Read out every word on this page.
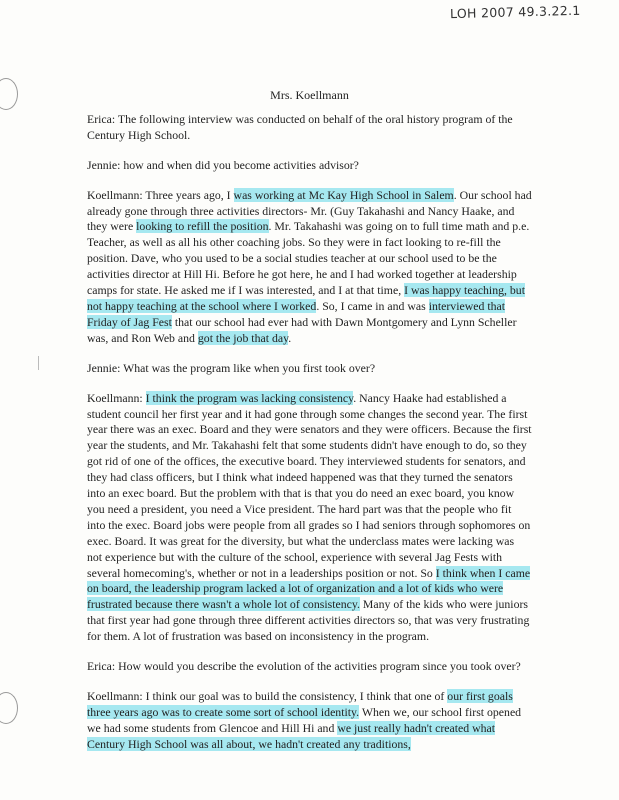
LOH 2007 49.3.22.1
Mrs. Koellmann

Erica: The following interview was conducted on behalf of the oral history program of the Century High School.

Jennie: how and when did you become activities advisor?

Koellmann: Three years ago, I was working at Mc Kay High School in Salem. Our school had already gone through three activities directors- Mr. (Guy Takahashi and Nancy Haake, and they were looking to refill the position. Mr. Takahashi was going on to full time math and p.e. Teacher, as well as all his other coaching jobs. So they were in fact looking to re-fill the position. Dave, who you used to be a social studies teacher at our school used to be the activities director at Hill Hi. Before he got here, he and I had worked together at leadership camps for state. He asked me if I was interested, and I at that time, I was happy teaching, but not happy teaching at the school where I worked. So, I came in and was interviewed that Friday of Jag Fest that our school had ever had with Dawn Montgomery and Lynn Scheller was, and Ron Web and got the job that day.

Jennie: What was the program like when you first took over?

Koellmann: I think the program was lacking consistency. Nancy Haake had established a student council her first year and it had gone through some changes the second year. The first year there was an exec. Board and they were senators and they were officers. Because the first year the students, and Mr. Takahashi felt that some students didn't have enough to do, so they got rid of one of the offices, the executive board. They interviewed students for senators, and they had class officers, but I think what indeed happened was that they turned the senators into an exec board. But the problem with that is that you do need an exec board, you know you need a president, you need a Vice president. The hard part was that the people who fit into the exec. Board jobs were people from all grades so I had seniors through sophomores on exec. Board. It was great for the diversity, but what the underclass mates were lacking was not experience but with the culture of the school, experience with several Jag Fests with several homecoming's, whether or not in a leaderships position or not. So I think when I came on board, the leadership program lacked a lot of organization and a lot of kids who were frustrated because there wasn't a whole lot of consistency. Many of the kids who were juniors that first year had gone through three different activities directors so, that was very frustrating for them. A lot of frustration was based on inconsistency in the program.

Erica: How would you describe the evolution of the activities program since you took over?

Koellmann: I think our goal was to build the consistency, I think that one of our first goals three years ago was to create some sort of school identity. When we, our school first opened we had some students from Glencoe and Hill Hi and we just really hadn't created what Century High School was all about, we hadn't created any traditions,
